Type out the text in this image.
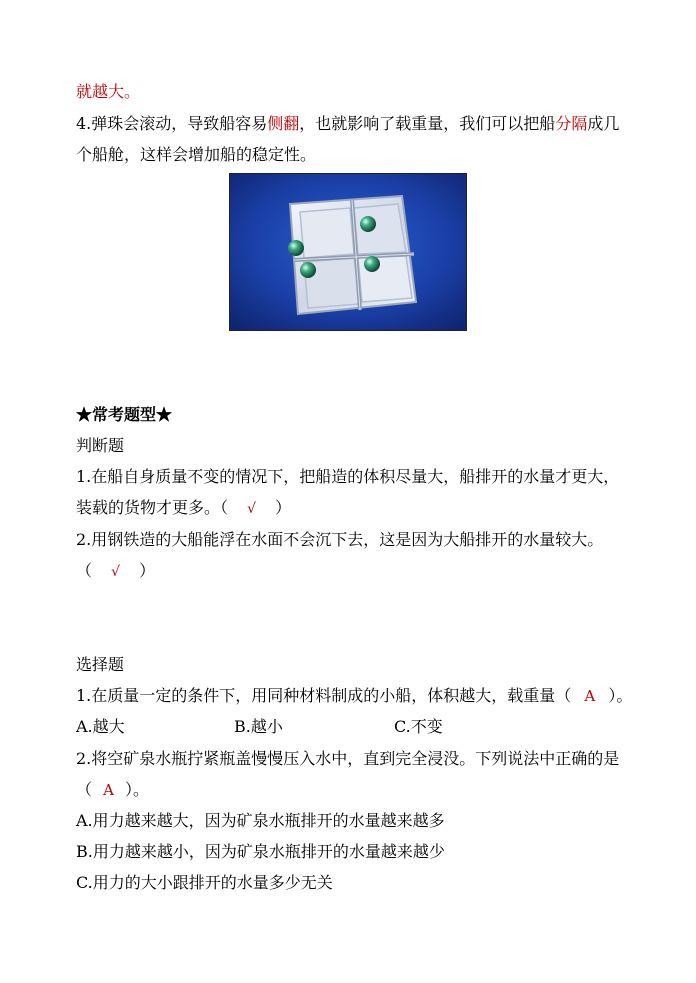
就越大。
4.弹珠会滚动，导致船容易侧翻，也就影响了载重量，我们可以把船分隔成几
个船舱，这样会增加船的稳定性。
★常考题型★
判断题
1.在船自身质量不变的情况下，把船造的体积尽量大，船排开的水量才更大，
装载的货物才更多。（ √ ）
2.用钢铁造的大船能浮在水面不会沉下去，这是因为大船排开的水量较大。
（ √ ）
选择题
1.在质量一定的条件下，用同种材料制成的小船，体积越大，载重量（ A ）。
A.越大	B.越小	C.不变
2.将空矿泉水瓶拧紧瓶盖慢慢压入水中，直到完全浸没。下列说法中正确的是
（ A ）。
A.用力越来越大，因为矿泉水瓶排开的水量越来越多
B.用力越来越小，因为矿泉水瓶排开的水量越来越少
C.用力的大小跟排开的水量多少无关
